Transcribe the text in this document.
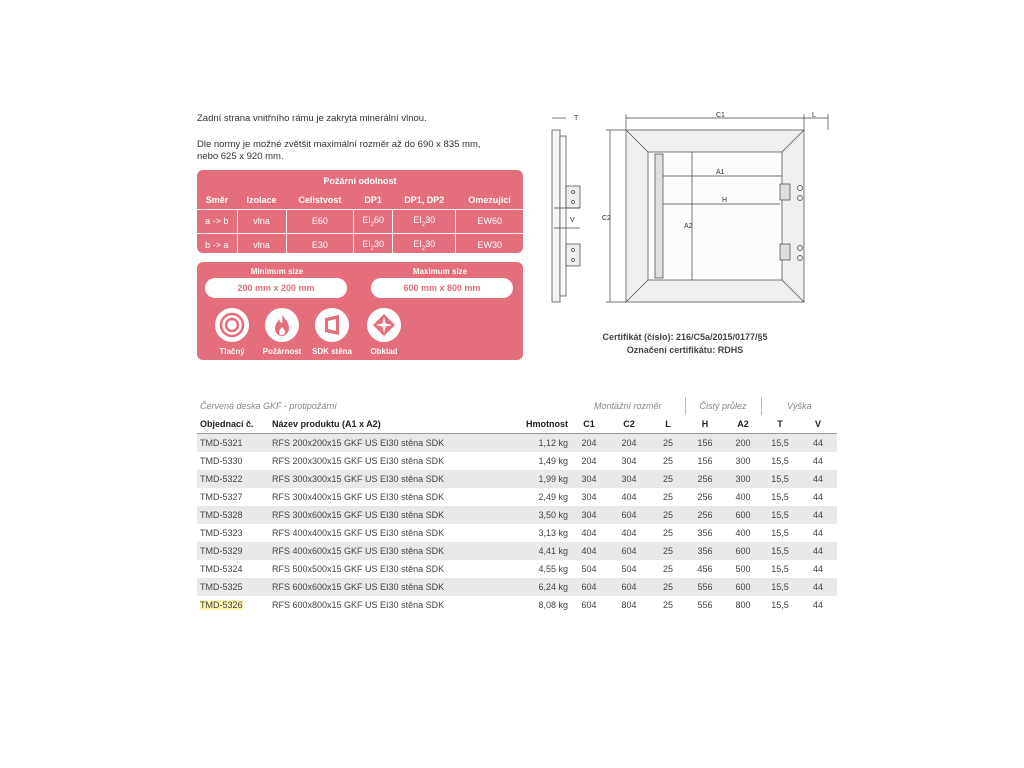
Zadní strana vnitřního rámu je zakrytá minerální vlnou.
Dle normy je možné zvětšit maximální rozměr až do 690 x 835 mm,
nebo 625 x 920 mm.
Požární odolnost
Směr	Izolace	Celistvost	DP1	DP1, DP2	Omezující
a -> b	vlna	E60	$EI_260$	$EI_230$	EW60
b -> a	vlna	E30	$EI_230$	$EI_230$	EW30
Minimum size	Maximum size
200 mm x 200 mm	600 mm x 800 mm
Tlačný	Požárnost	SDK stěna	Obklad
T
V
C1	L
C2
A1
H
A2
Certifikát (číslo): 216/C5a/2015/0177/§5
Označení certifikátu: RDHS
Červená deska GKF - protipožární			Montážní rozměr			Čistý průlez		Výška	
Objednací č.	Název produktu (A1 x A2)	Hmotnost	C1	C2	L	H	A2	T	V
TMD-5321	RFS 200x200x15 GKF US EI30 stěna SDK	1,12 kg	204	204	25	156	200	15,5	44
TMD-5330	RFS 200x300x15 GKF US EI30 stěna SDK	1,49 kg	204	304	25	156	300	15,5	44
TMD-5322	RFS 300x300x15 GKF US EI30 stěna SDK	1,99 kg	304	304	25	256	300	15,5	44
TMD-5327	RFS 300x400x15 GKF US EI30 stěna SDK	2,49 kg	304	404	25	256	400	15,5	44
TMD-5328	RFS 300x600x15 GKF US EI30 stěna SDK	3,50 kg	304	604	25	256	600	15,5	44
TMD-5323	RFS 400x400x15 GKF US EI30 stěna SDK	3,13 kg	404	404	25	356	400	15,5	44
TMD-5329	RFS 400x600x15 GKF US EI30 stěna SDK	4,41 kg	404	604	25	356	600	15,5	44
TMD-5324	RFS 500x500x15 GKF US EI30 stěna SDK	4,55 kg	504	504	25	456	500	15,5	44
TMD-5325	RFS 600x600x15 GKF US EI30 stěna SDK	6,24 kg	604	604	25	556	600	15,5	44
TMD-5326	RFS 600x800x15 GKF US EI30 stěna SDK	8,08 kg	604	804	25	556	800	15,5	44
